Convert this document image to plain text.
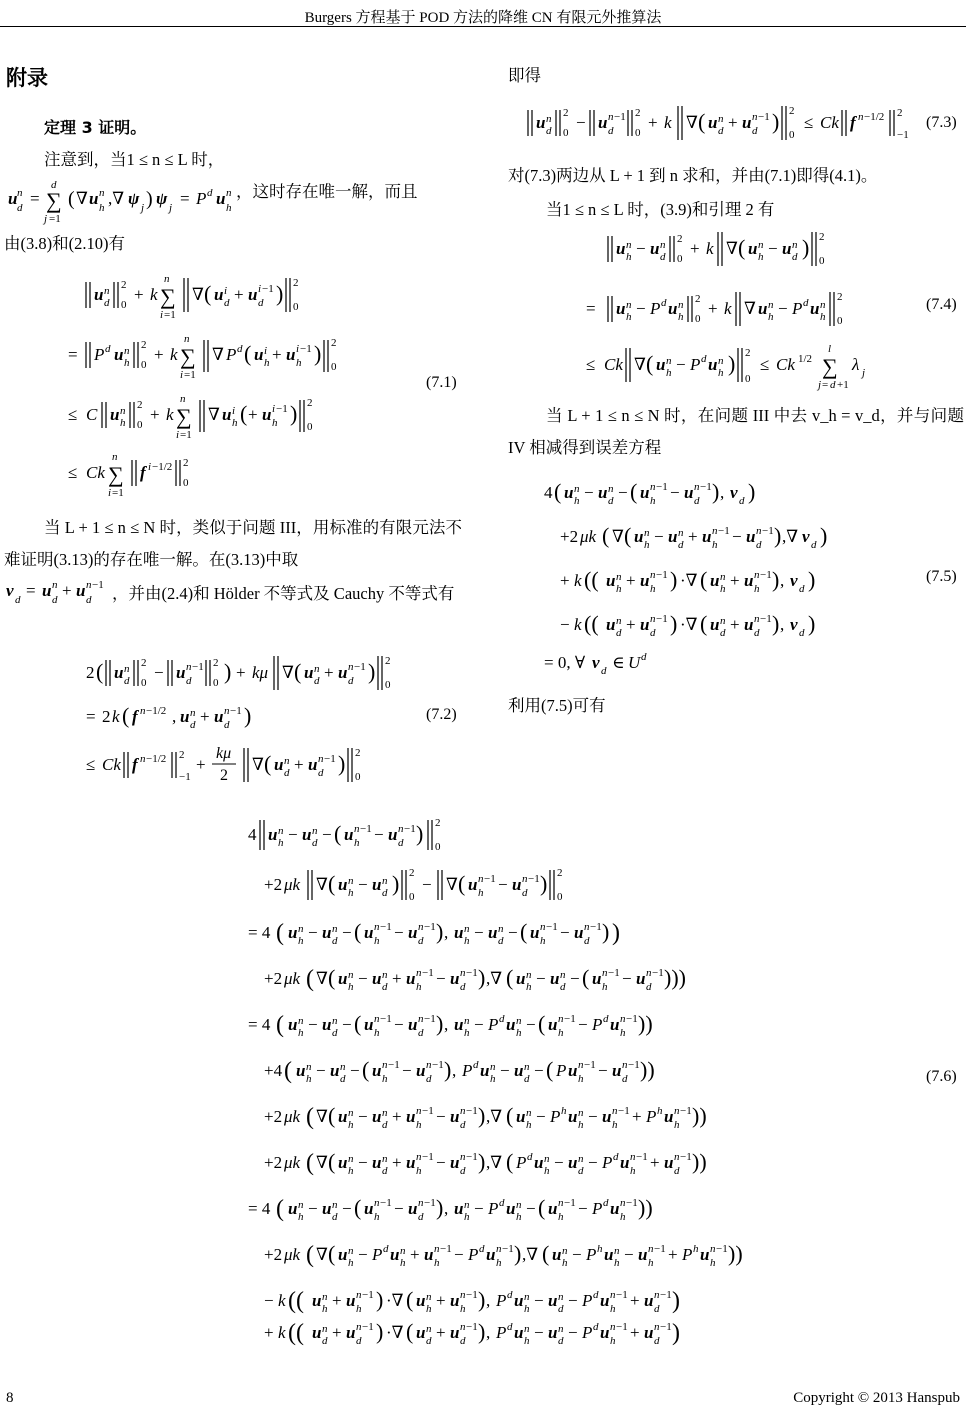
Burgers 方程基于 POD 方法的降维 CN 有限元外推算法
附录
定理 3 证明。
注意到，当1 ≤ n ≤ L 时，
u n
d = ∑
d
j =1
( ∇ u n
h ,∇ ψ j ) ψ j = P d u n
h
，这时存在唯一解，而且
由(3.8)和(2.10)有
u n
d
2
0
+ k ∑
n
i =1
∇ ( u i
d + u i −1
d ) 2
0
= P d u n
h
2
0
+ k ∑
n
i =1
∇ P d ( u i
h + u i −1
h ) 2
0
≤ C u n
h
2
0
+ k ∑
n
i =1
∇ u i
h ( + u i −1
h ) 2
0
≤ Ck ∑
n
i =1
f i −1/2 2
0
(7.1)
当 L + 1 ≤ n ≤ N 时，类似于问题 III，用标准的有限元法不难证明(3.13)的存在唯一解。在(3.13)中取
v d = u n
d + u n −1
d ，并由(2.4)和 Hölder 不等式及 Cauchy 不等式有
2 ( u n
d
2
0
− u n −1
d
2
0 ) + kμ ∇ ( u n
d + u n −1
d ) 2
0
= 2 k ( f n −1/2 , u n
d + u n −1
d )
≤ Ck f n −1/2 2
−1
+
kμ
2
∇ ( u n
d + u n −1
d ) 2
0
(7.2)
即得
u n
d
2
0
− u n −1
d
2
0
+ k ∇ ( u n
d + u n −1
d ) 2
0
≤ Ck f n −1/2 2
−1
(7.3)
对(7.3)两边从 L + 1 到 n 求和，并由(7.1)即得(4.1)。
当1 ≤ n ≤ L 时，(3.9)和引理 2 有
u n
h − u n
d
2
0
+ k ∇ ( u n
h − u n
d ) 2
0
= u n
h − P d u n
h
2
0
+ k ∇ u n
h − P d u n
h
2
0
≤ Ck ∇ ( u n
h − P d u n
h ) 2
0
≤ Ck 1/2 ∑
l
j = d +1
λ j
(7.4)
当 L + 1 ≤ n ≤ N 时，在问题 III 中去 v_h = v_d，并与问题 IV 相减得到误差方程
4 ( u n
h − u n
d − ( u n −1
h − u n −1
d ) , v d )
+2 μk ( ∇ ( u n
h − u n
d + u n −1
h − u n −1
d ) ,∇ v d )
+ k (( u n
h + u n −1
h ) ·∇ ( u n
h + u n −1
h ) , v d )
− k (( u n
d + u n −1
d ) ·∇ ( u n
d + u n −1
d ) , v d )
= 0, ∀ v d ∈ U d
(7.5)
利用(7.5)可有
4 u n
h − u n
d − ( u n −1
h − u n −1
d ) 2
0
+2 μk ∇ ( u n
h − u n
d ) 2
0
− ∇ ( u n −1
h − u n −1
d ) 2
0
= 4 ( u n
h − u n
d − ( u n −1
h − u n −1
d ) , u n
h − u n
d − ( u n −1
h − u n −1
d ) )
+2 μk ( ∇ ( u n
h − u n
d + u n −1
h − u n −1
d ) ,∇ ( u n
h − u n
d − ( u n −1
h − u n −1
d )))
= 4 ( u n
h − u n
d − ( u n −1
h − u n −1
d ) , u n
h − P d u n
h − ( u n −1
h − P d u n −1
h ))
+4 ( u n
h − u n
d − ( u n −1
h − u n −1
d ) , P d u n
h − u n
d − ( P u n −1
h − u n −1
d ))
+2 μk ( ∇ ( u n
h − u n
d + u n −1
h − u n −1
d ) ,∇ ( u n
h − P h u n
h − u n −1
h + P h u n −1
h ))
+2 μk ( ∇ ( u n
h − u n
d + u n −1
h − u n −1
d ) ,∇ ( P d u n
h − u n
d − P d u n −1
h + u n −1
d ))
= 4 ( u n
h − u n
d − ( u n −1
h − u n −1
d ) , u n
h − P d u n
h − ( u n −1
h − P d u n −1
h ))
+2 μk ( ∇ ( u n
h − P d u n
h + u n −1
h − P d u n −1
h ) ,∇ ( u n
h − P h u n
h − u n −1
h + P h u n −1
h ))
− k (( u n
h + u n −1
h ) ·∇ ( u n
h + u n −1
h ) , P d u n
h − u n
d − P d u n −1
h + u n −1
d )
+ k (( u n
d + u n −1
d ) ·∇ ( u n
d + u n −1
d ) , P d u n
h − u n
d − P d u n −1
h + u n −1
d )
(7.6)
8	Copyright © 2013 Hanspub
